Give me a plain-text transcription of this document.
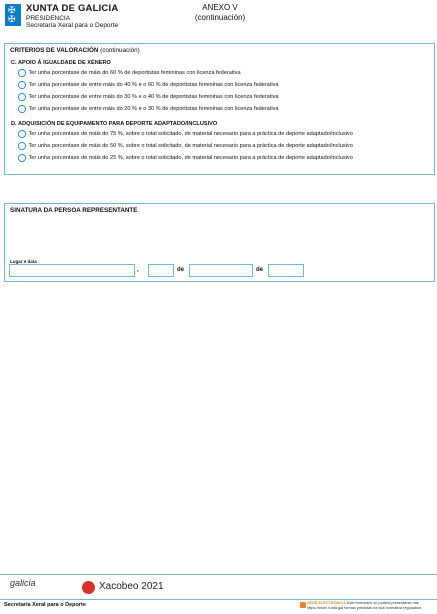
✠
✠
XUNTA DE GALICIA
PRESIDENCIA
Secretaría Xeral para o Deporte
ANEXO V
(continuación)
CRITERIOS DE VALORACIÓN (continuación)
C. APOIO Á IGUALDADE DE XÉNERO
Ter unha porcentaxe de máis do 60 % de deportistas femininas con licenza federativa
Ter unha porcentaxe de entre máis do 40 % e o 60 % de deportistas femininas con licenza federativa
Ter unha porcentaxe de entre máis do 30 % e o 40 % de deportistas femininas con licenza federativa
Ter unha porcentaxe de entre máis do 20 % e o 30 % de deportistas femininas con licenza federativa
D. ADQUISICIÓN DE EQUIPAMENTO PARA DEPORTE ADAPTADO/INCLUSIVO
Ter unha porcentaxe de máis do 75 %, sobre o total solicitado, de material necesario para a práctica de deporte adaptado/inclusivo
Ter unha porcentaxe de máis do 50 %, sobre o total solicitado, de material necesario para a práctica de deporte adaptado/inclusivo
Ter unha porcentaxe de máis do 25 %, sobre o total solicitado, de material necesario para a práctica de deporte adaptado/inclusivo
SINATURA DA PERSOA REPRESENTANTE
Lugar e data
,	de	de
galicia	Xacobeo 2021
Secretaría Xeral para o Deporte	SEDE ELECTRÓNICA Este formulario só poderá presentarse nas
https://sede.xunta.gal formas previstas na súa normativa reguladora
